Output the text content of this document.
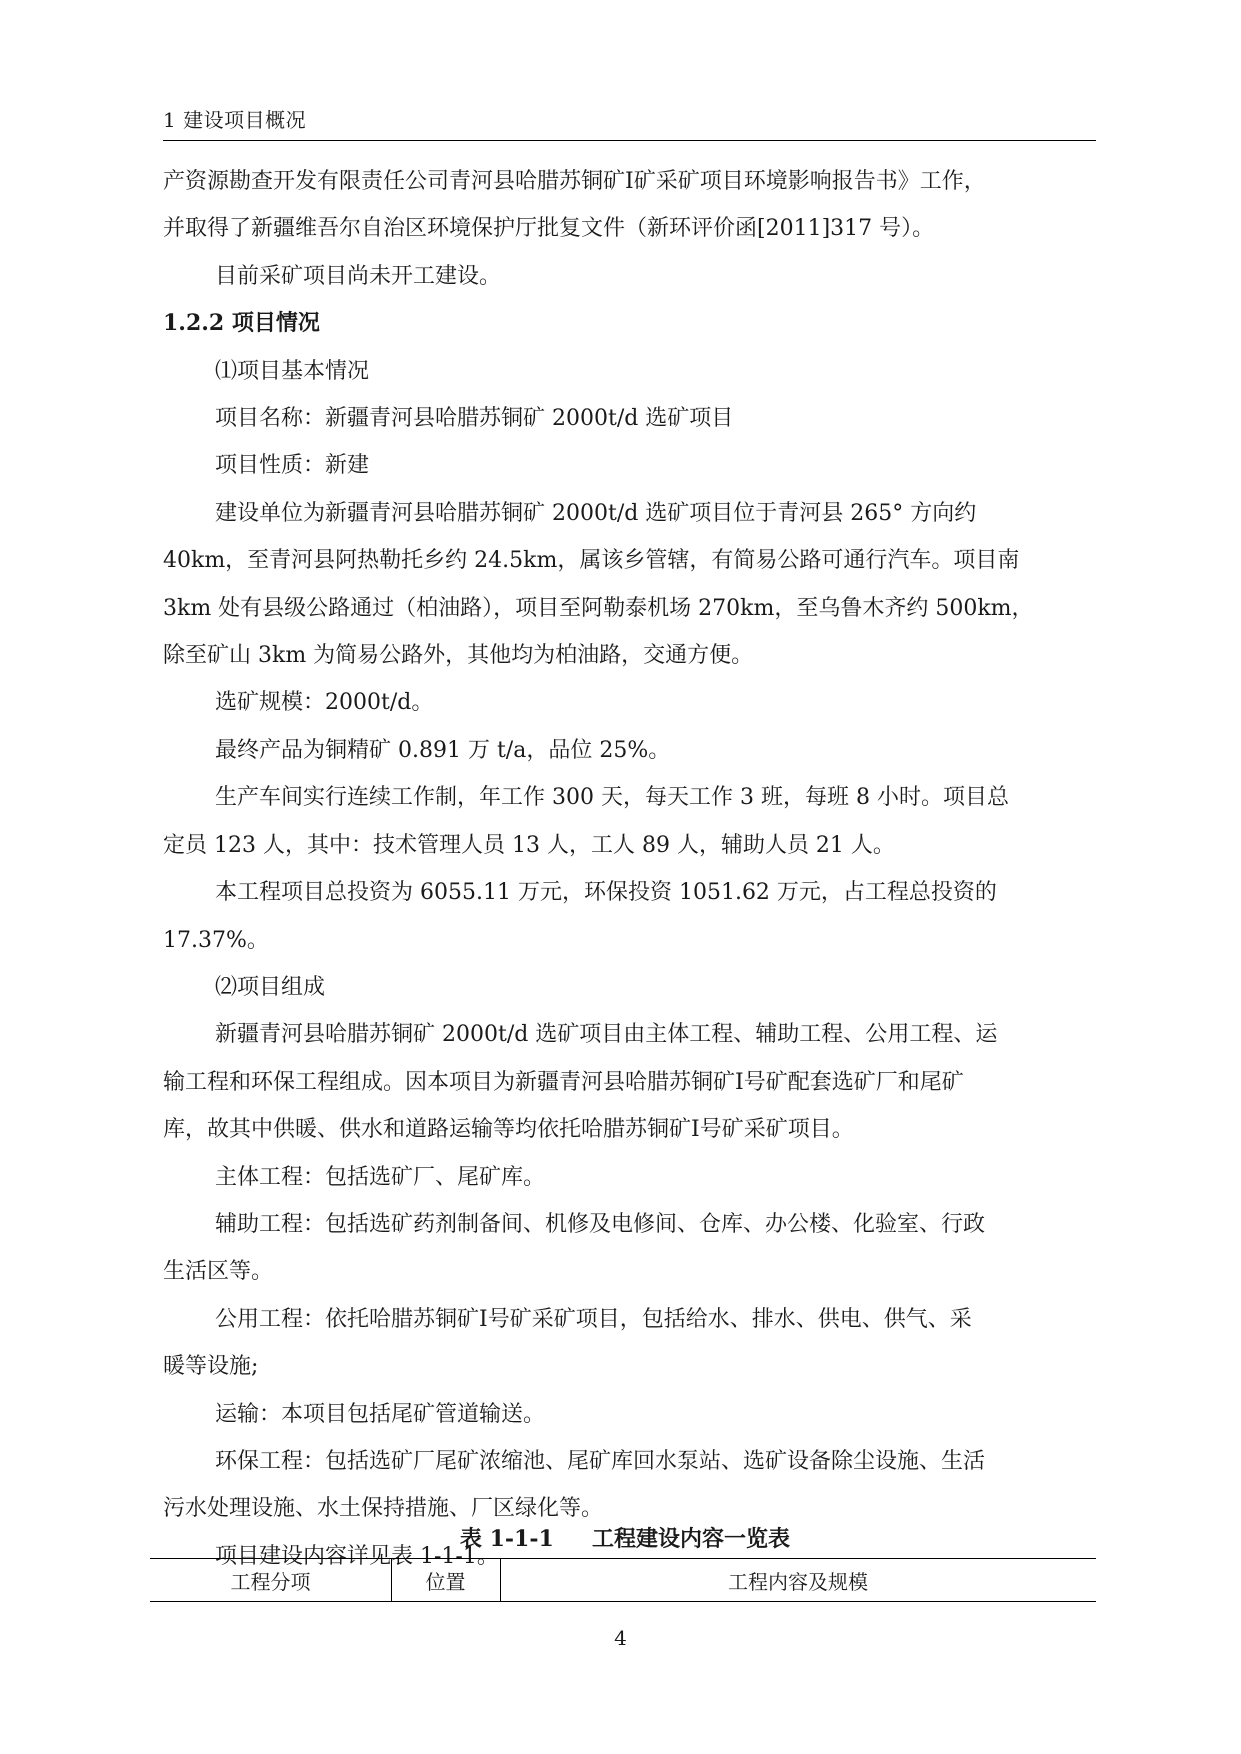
1 建设项目概况

产资源勘查开发有限责任公司青河县哈腊苏铜矿Ⅰ矿采矿项目环境影响报告书》工作，

并取得了新疆维吾尔自治区环境保护厅批复文件（新环评价函[2011]317 号）。

目前采矿项目尚未开工建设。

1.2.2 项目情况

⑴项目基本情况

项目名称：新疆青河县哈腊苏铜矿 2000t/d 选矿项目

项目性质：新建

建设单位为新疆青河县哈腊苏铜矿 2000t/d 选矿项目位于青河县 265° 方向约

40km，至青河县阿热勒托乡约 24.5km，属该乡管辖，有简易公路可通行汽车。项目南

3km 处有县级公路通过（柏油路），项目至阿勒泰机场 270km，至乌鲁木齐约 500km，

除至矿山 3km 为简易公路外，其他均为柏油路，交通方便。

选矿规模：2000t/d。

最终产品为铜精矿 0.891 万 t/a，品位 25%。

生产车间实行连续工作制，年工作 300 天，每天工作 3 班，每班 8 小时。项目总

定员 123 人，其中：技术管理人员 13 人，工人 89 人，辅助人员 21 人。

本工程项目总投资为 6055.11 万元，环保投资 1051.62 万元，占工程总投资的

17.37%。

⑵项目组成

新疆青河县哈腊苏铜矿 2000t/d 选矿项目由主体工程、辅助工程、公用工程、运

输工程和环保工程组成。因本项目为新疆青河县哈腊苏铜矿Ⅰ号矿配套选矿厂和尾矿

库，故其中供暖、供水和道路运输等均依托哈腊苏铜矿Ⅰ号矿采矿项目。

主体工程：包括选矿厂、尾矿库。

辅助工程：包括选矿药剂制备间、机修及电修间、仓库、办公楼、化验室、行政

生活区等。

公用工程：依托哈腊苏铜矿Ⅰ号矿采矿项目，包括给水、排水、供电、供气、采

暖等设施;

运输：本项目包括尾矿管道输送。

环保工程：包括选矿厂尾矿浓缩池、尾矿库回水泵站、选矿设备除尘设施、生活

污水处理设施、水土保持措施、厂区绿化等。

项目建设内容详见表 1-1-1。

表 1-1-1     工程建设内容一览表
工程分项	位置	工程内容及规模
4
